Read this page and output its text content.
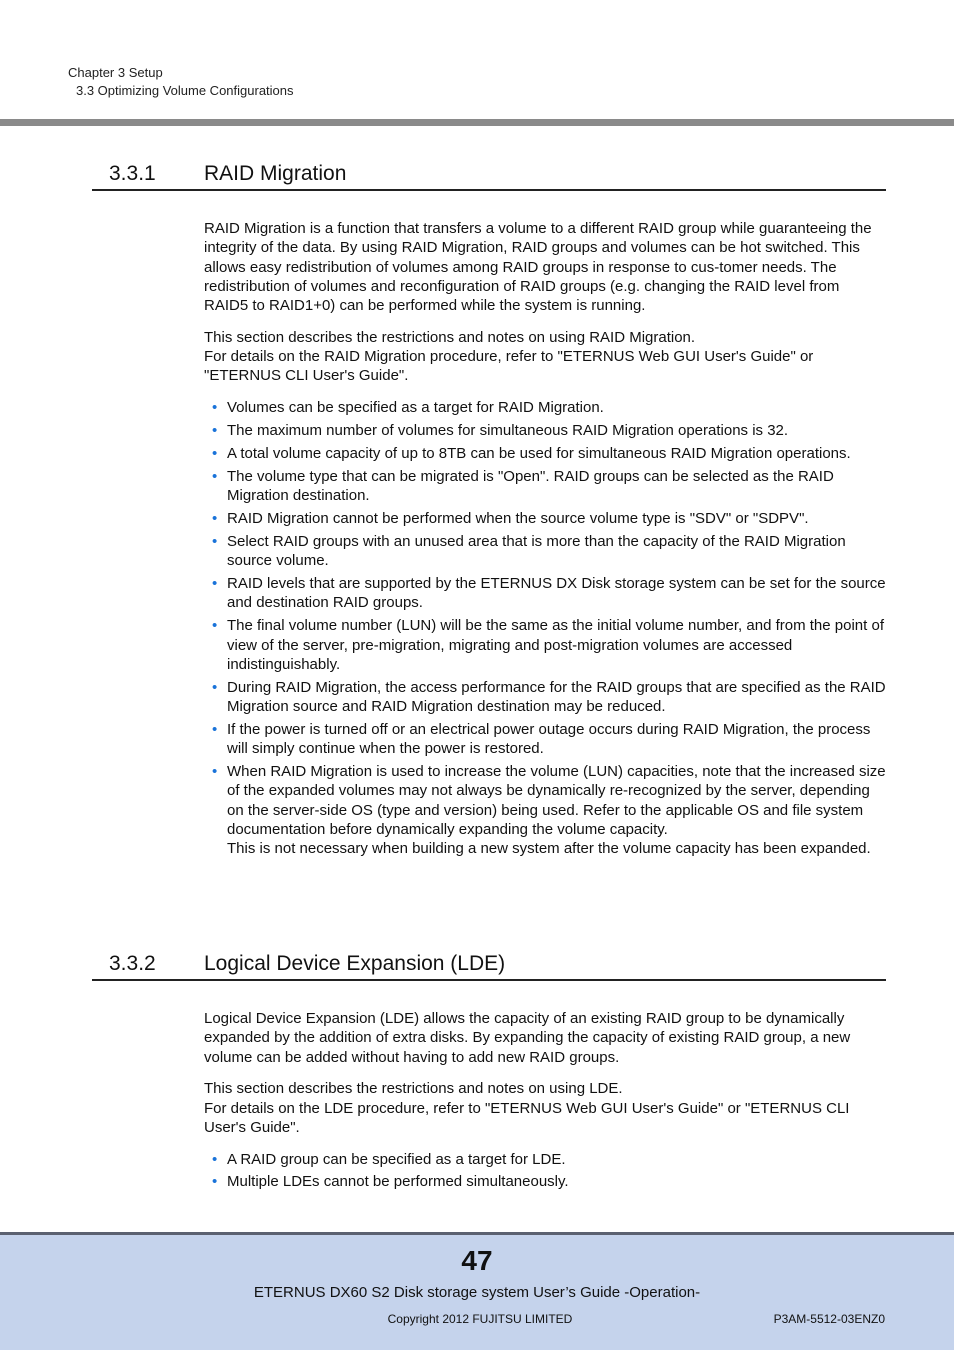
Chapter 3 Setup
3.3 Optimizing Volume Configurations
3.3.1 RAID Migration

RAID Migration is a function that transfers a volume to a different RAID group while guaranteeing the integrity of the data. By using RAID Migration, RAID groups and volumes can be hot switched. This allows easy redistribution of volumes among RAID groups in response to cus-tomer needs. The redistribution of volumes and reconfiguration of RAID groups (e.g. changing the RAID level from RAID5 to RAID1+0) can be performed while the system is running.

This section describes the restrictions and notes on using RAID Migration.
For details on the RAID Migration procedure, refer to "ETERNUS Web GUI User's Guide" or "ETERNUS CLI User's Guide".

• Volumes can be specified as a target for RAID Migration.
• The maximum number of volumes for simultaneous RAID Migration operations is 32.
• A total volume capacity of up to 8TB can be used for simultaneous RAID Migration operations.
• The volume type that can be migrated is "Open". RAID groups can be selected as the RAID Migration destination.
• RAID Migration cannot be performed when the source volume type is "SDV" or "SDPV".
• Select RAID groups with an unused area that is more than the capacity of the RAID Migration source volume.
• RAID levels that are supported by the ETERNUS DX Disk storage system can be set for the source and destination RAID groups.
• The final volume number (LUN) will be the same as the initial volume number, and from the point of view of the server, pre-migration, migrating and post-migration volumes are accessed indistinguishably.
• During RAID Migration, the access performance for the RAID groups that are specified as the RAID Migration source and RAID Migration destination may be reduced.
• If the power is turned off or an electrical power outage occurs during RAID Migration, the process will simply continue when the power is restored.
• When RAID Migration is used to increase the volume (LUN) capacities, note that the increased size of the expanded volumes may not always be dynamically re-recognized by the server, depending on the server-side OS (type and version) being used. Refer to the applicable OS and file system documentation before dynamically expanding the volume capacity.
This is not necessary when building a new system after the volume capacity has been expanded.
3.3.2 Logical Device Expansion (LDE)

Logical Device Expansion (LDE) allows the capacity of an existing RAID group to be dynamically expanded by the addition of extra disks. By expanding the capacity of existing RAID group, a new volume can be added without having to add new RAID groups.

This section describes the restrictions and notes on using LDE.
For details on the LDE procedure, refer to "ETERNUS Web GUI User's Guide" or "ETERNUS CLI User's Guide".

• A RAID group can be specified as a target for LDE.
• Multiple LDEs cannot be performed simultaneously.
47
ETERNUS DX60 S2 Disk storage system User’s Guide -Operation-
Copyright 2012 FUJITSU LIMITED	P3AM-5512-03ENZ0
